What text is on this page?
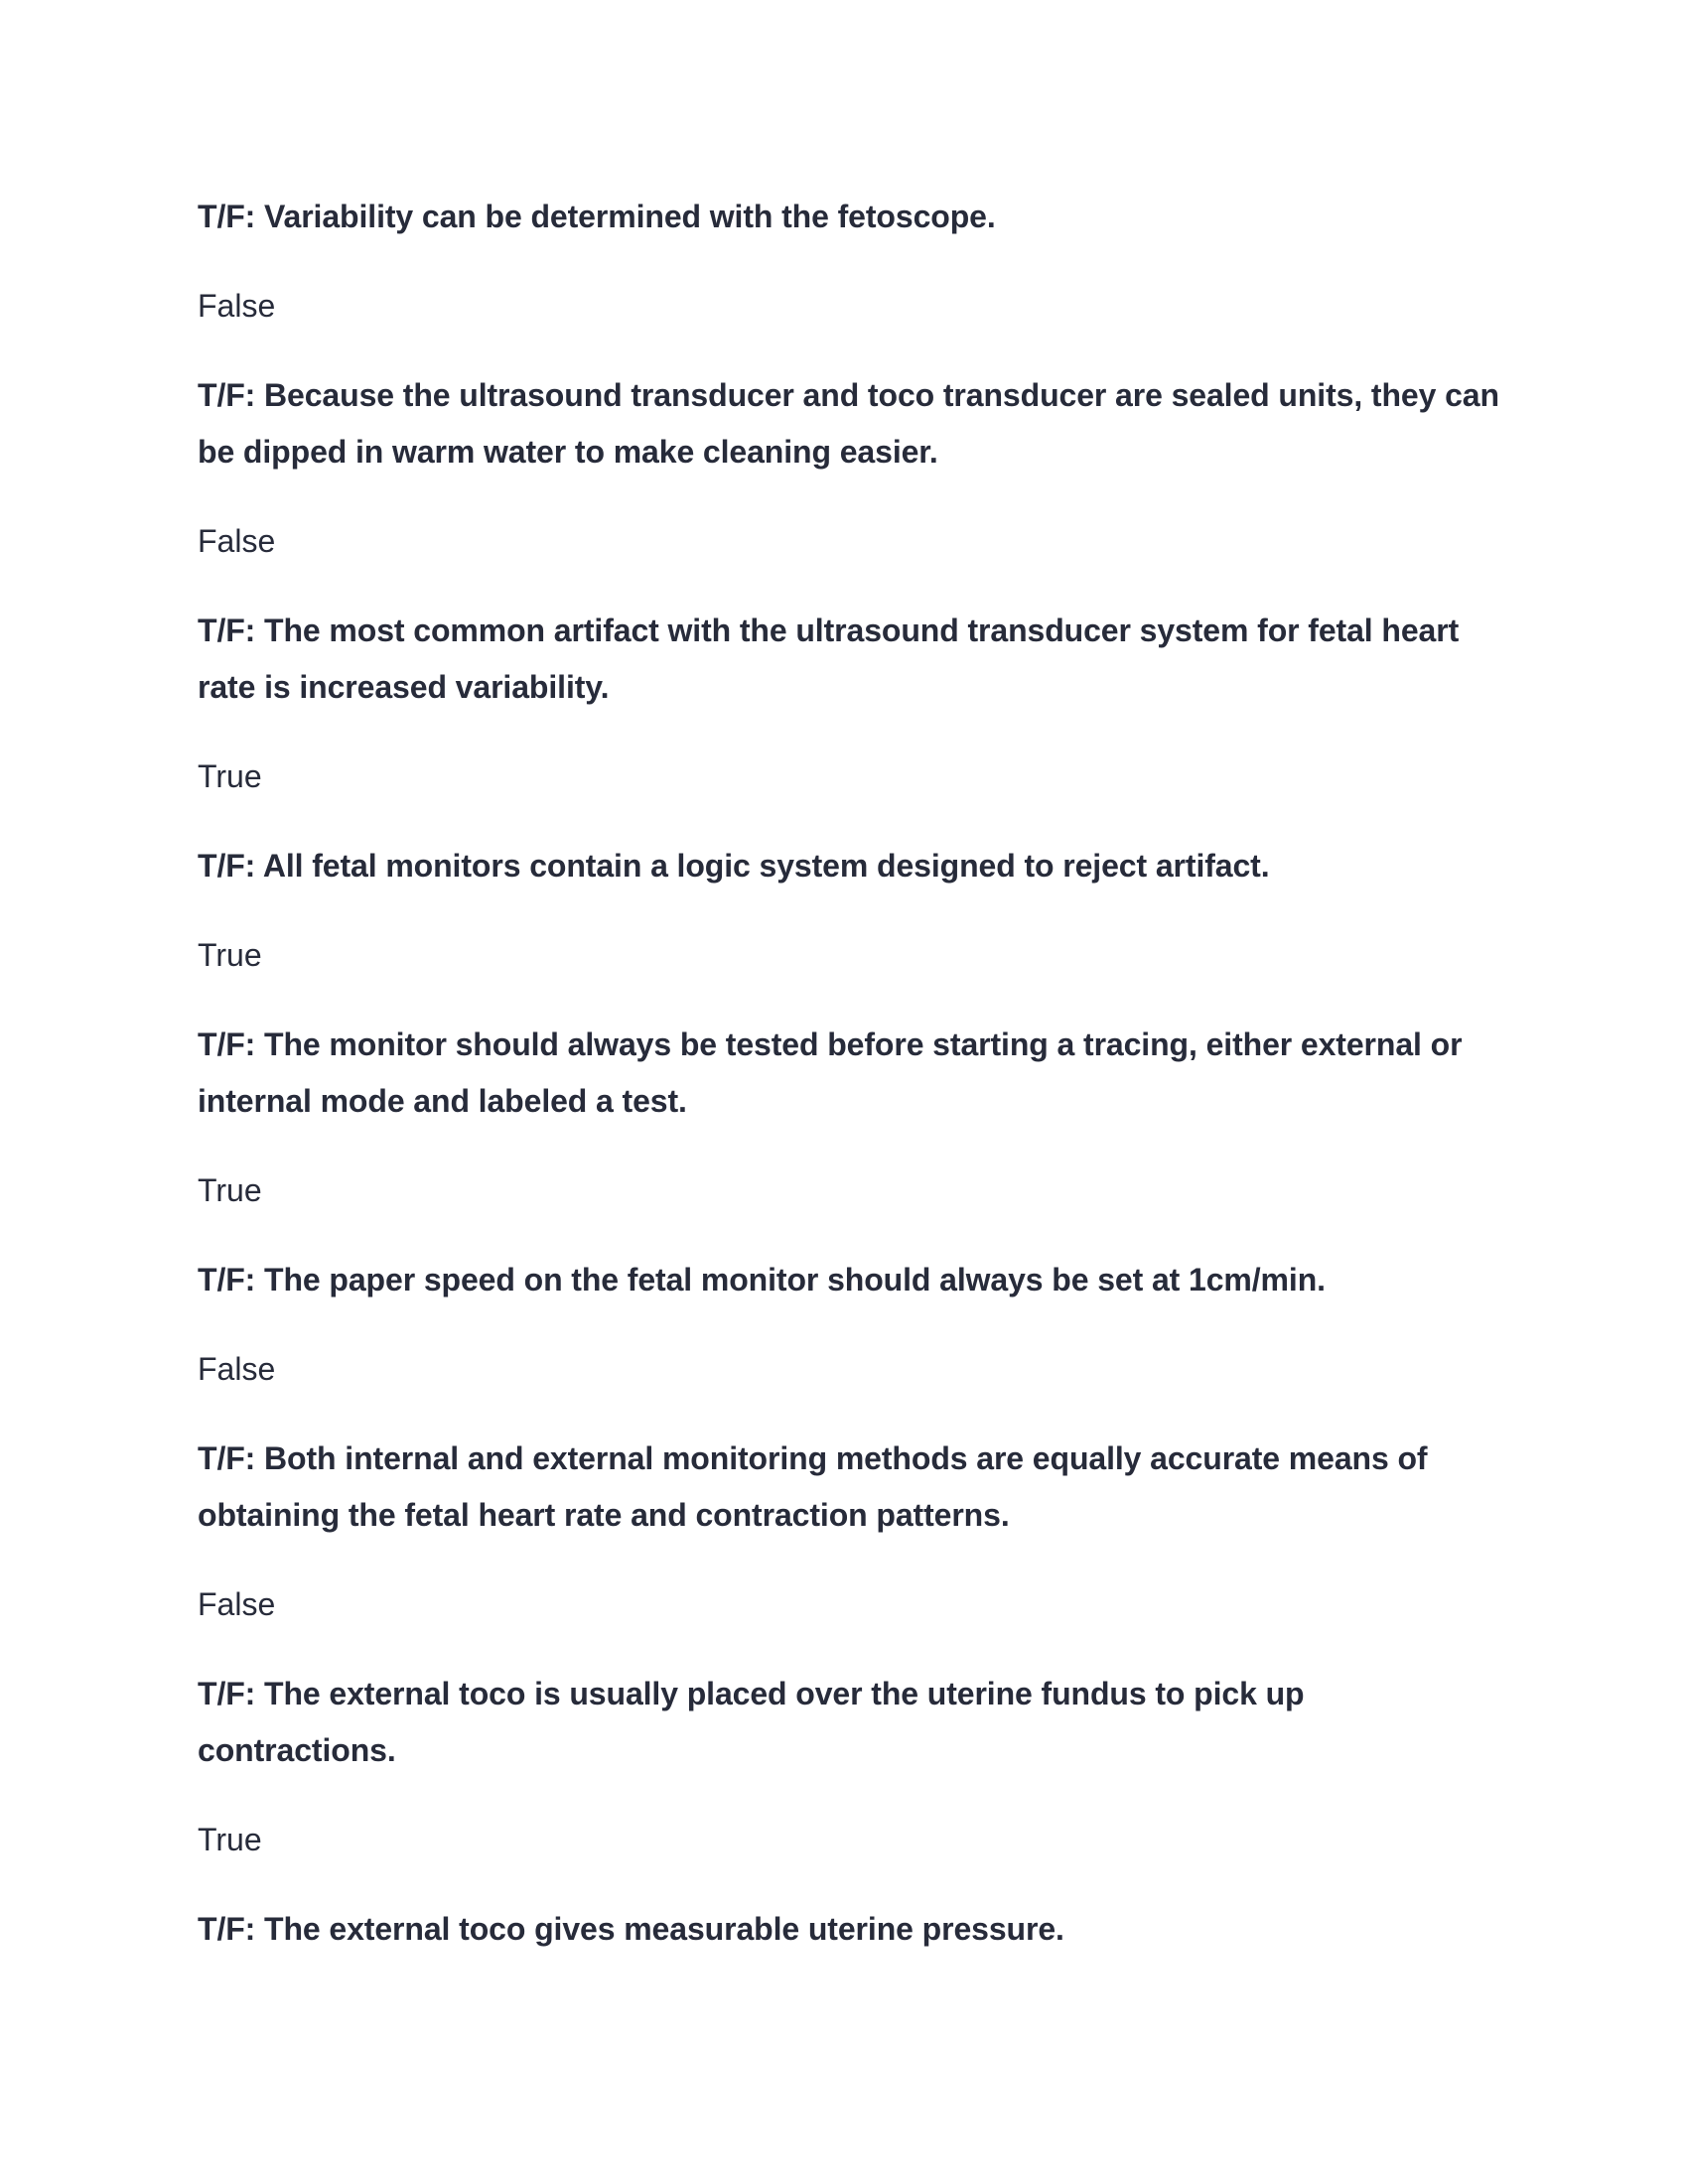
T/F: Variability can be determined with the fetoscope.

False

T/F: Because the ultrasound transducer and toco transducer are sealed units, they can be dipped in warm water to make cleaning easier.

False

T/F: The most common artifact with the ultrasound transducer system for fetal heart rate is increased variability.

True

T/F: All fetal monitors contain a logic system designed to reject artifact.

True

T/F: The monitor should always be tested before starting a tracing, either external or internal mode and labeled a test.

True

T/F: The paper speed on the fetal monitor should always be set at 1cm/min.

False

T/F: Both internal and external monitoring methods are equally accurate means of obtaining the fetal heart rate and contraction patterns.

False

T/F: The external toco is usually placed over the uterine fundus to pick up contractions.

True

T/F: The external toco gives measurable uterine pressure.
